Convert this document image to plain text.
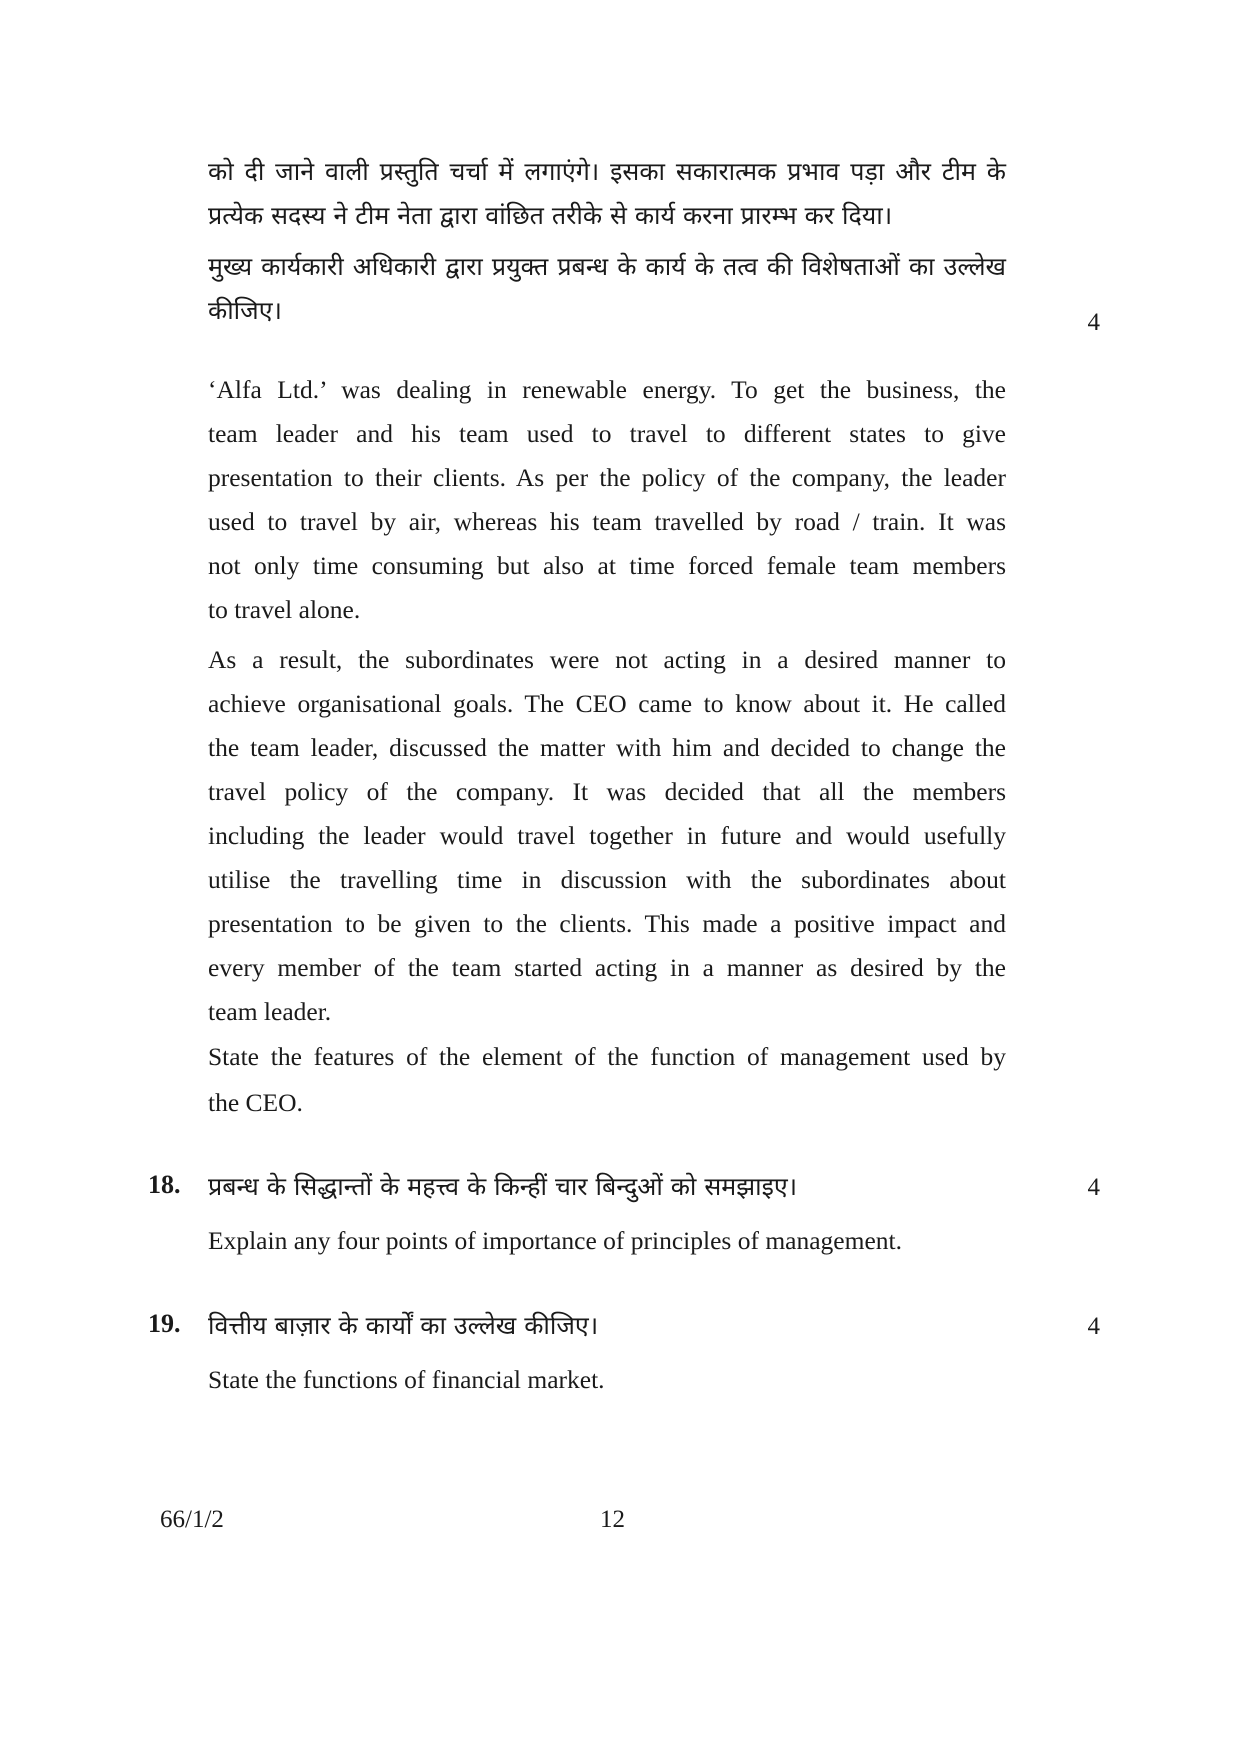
को दी जाने वाली प्रस्तुति चर्चा में लगाएंगे। इसका सकारात्मक प्रभाव पड़ा और टीम के
प्रत्येक सदस्य ने टीम नेता द्वारा वांछित तरीके से कार्य करना प्रारम्भ कर दिया।

मुख्य कार्यकारी अधिकारी द्वारा प्रयुक्त प्रबन्ध के कार्य के तत्व की विशेषताओं का उल्लेख
कीजिए।	4

‘Alfa Ltd.’ was dealing in renewable energy. To get the business, the
team leader and his team used to travel to different states to give
presentation to their clients. As per the policy of the company, the leader
used to travel by air, whereas his team travelled by road / train. It was
not only time consuming but also at time forced female team members
to travel alone.

As a result, the subordinates were not acting in a desired manner to
achieve organisational goals. The CEO came to know about it. He called
the team leader, discussed the matter with him and decided to change the
travel policy of the company. It was decided that all the members
including the leader would travel together in future and would usefully
utilise the travelling time in discussion with the subordinates about
presentation to be given to the clients. This made a positive impact and
every member of the team started acting in a manner as desired by the
team leader.

State the features of the element of the function of management used by
the CEO.

18. प्रबन्ध के सिद्धान्तों के महत्त्व के किन्हीं चार बिन्दुओं को समझाइए।

Explain any four points of importance of principles of management.

4
19. वित्तीय बाज़ार के कार्यों का उल्लेख कीजिए।

State the functions of financial market.

4
66/1/2	12
